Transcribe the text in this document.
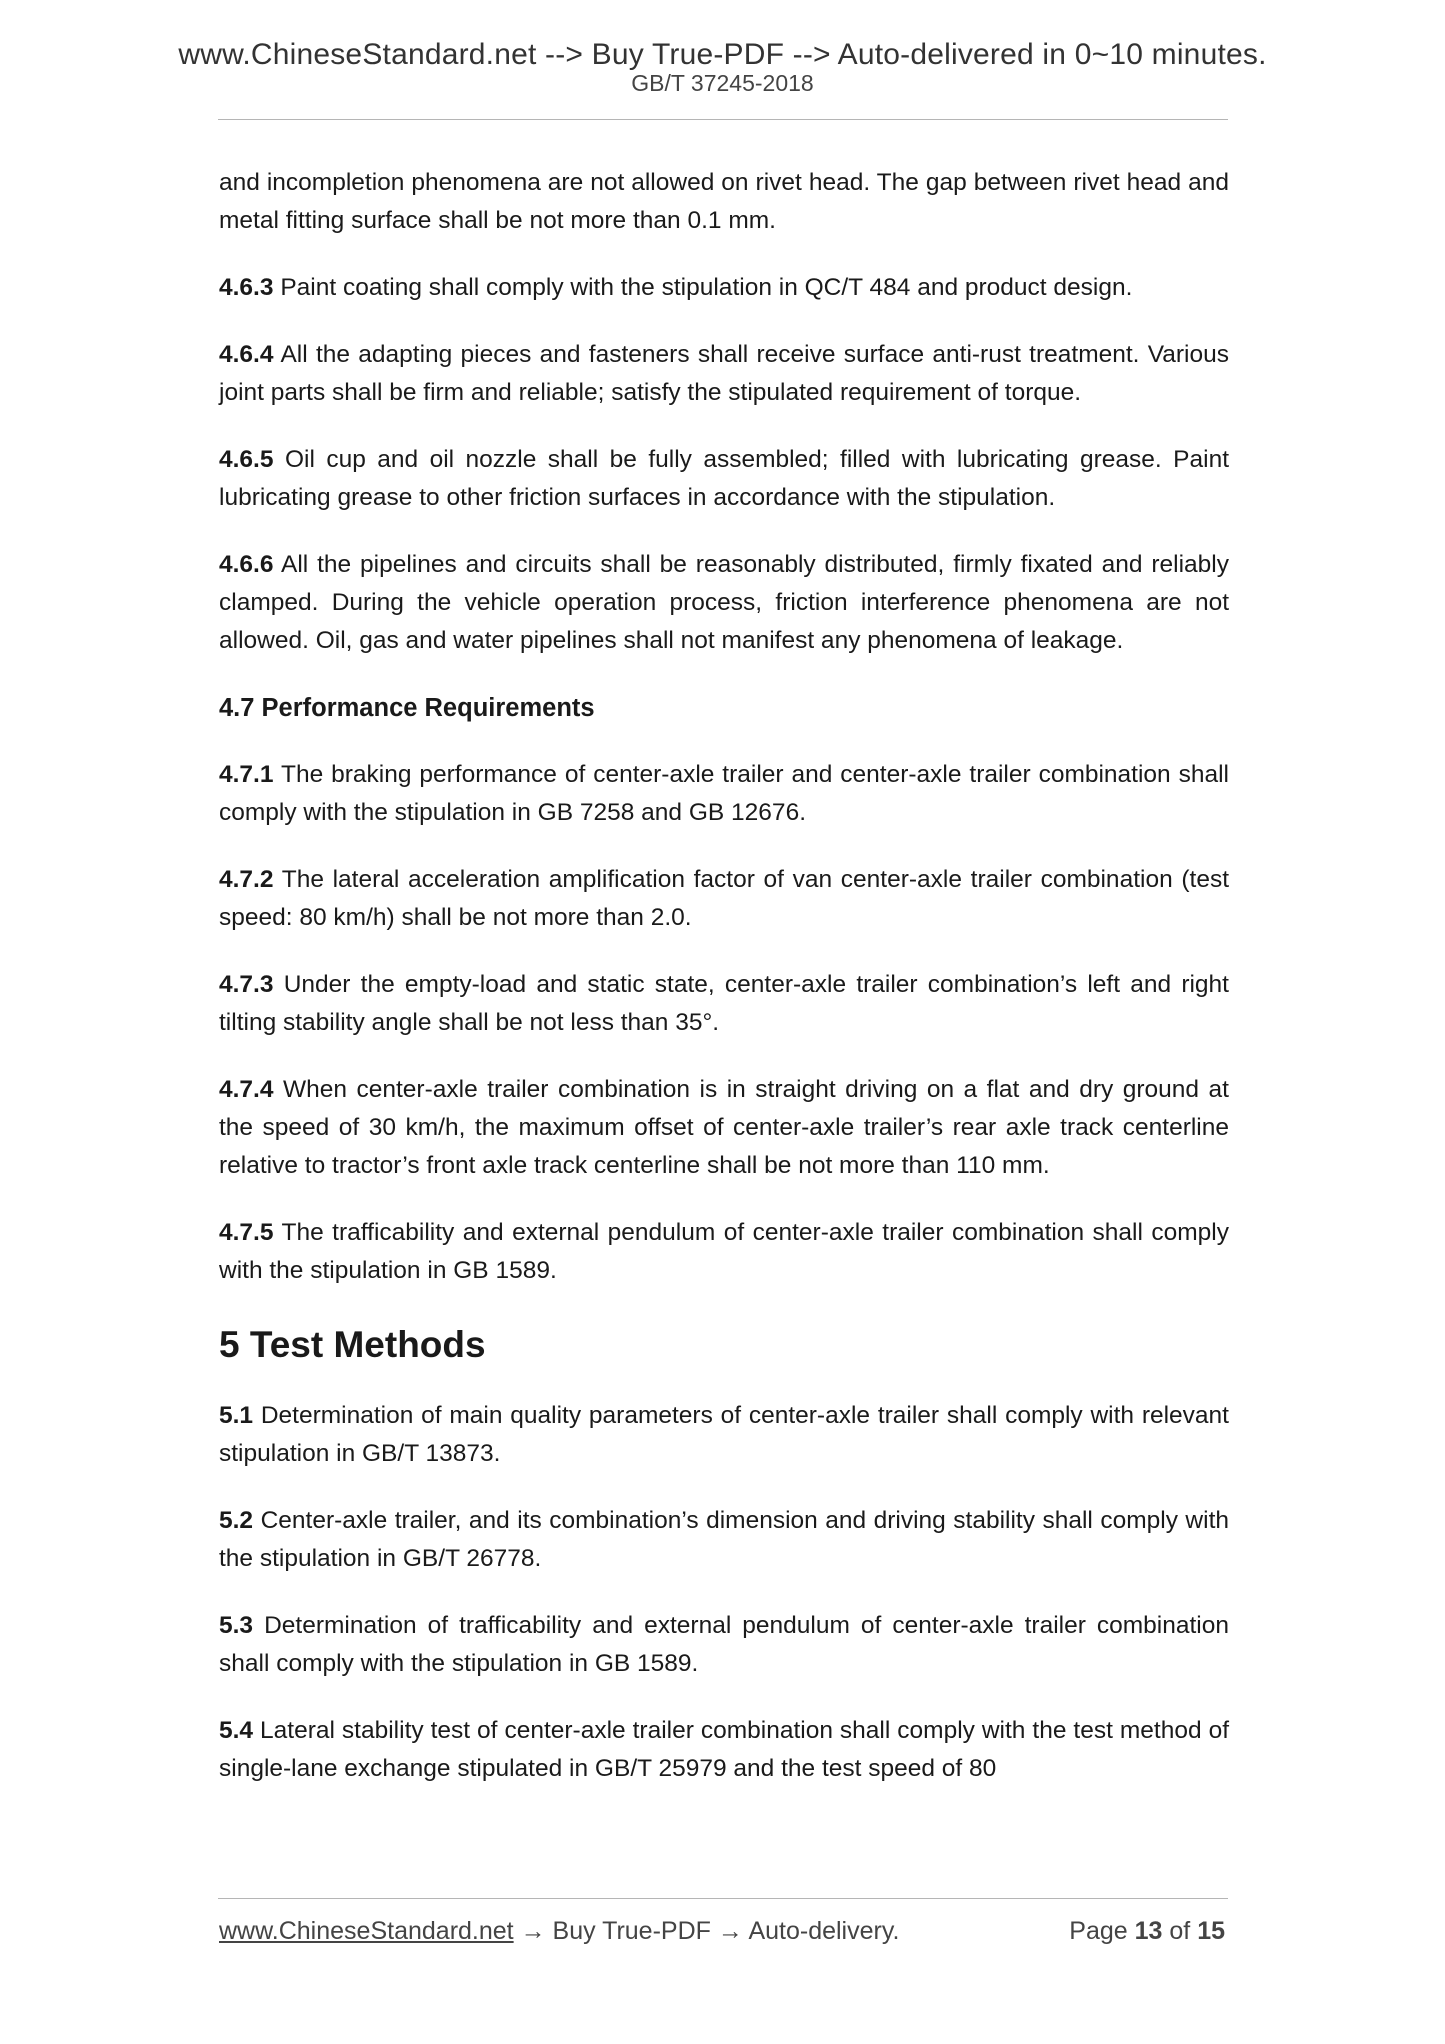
www.ChineseStandard.net --> Buy True-PDF --> Auto-delivered in 0~10 minutes.
GB/T 37245-2018

and incompletion phenomena are not allowed on rivet head. The gap between rivet head and metal fitting surface shall be not more than 0.1 mm.

4.6.3 Paint coating shall comply with the stipulation in QC/T 484 and product design.

4.6.4 All the adapting pieces and fasteners shall receive surface anti-rust treatment. Various joint parts shall be firm and reliable; satisfy the stipulated requirement of torque.

4.6.5 Oil cup and oil nozzle shall be fully assembled; filled with lubricating grease. Paint lubricating grease to other friction surfaces in accordance with the stipulation.

4.6.6 All the pipelines and circuits shall be reasonably distributed, firmly fixated and reliably clamped. During the vehicle operation process, friction interference phenomena are not allowed. Oil, gas and water pipelines shall not manifest any phenomena of leakage.

4.7 Performance Requirements

4.7.1 The braking performance of center-axle trailer and center-axle trailer combination shall comply with the stipulation in GB 7258 and GB 12676.

4.7.2 The lateral acceleration amplification factor of van center-axle trailer combination (test speed: 80 km/h) shall be not more than 2.0.

4.7.3 Under the empty-load and static state, center-axle trailer combination’s left and right tilting stability angle shall be not less than 35°.

4.7.4 When center-axle trailer combination is in straight driving on a flat and dry ground at the speed of 30 km/h, the maximum offset of center-axle trailer’s rear axle track centerline relative to tractor’s front axle track centerline shall be not more than 110 mm.

4.7.5 The trafficability and external pendulum of center-axle trailer combination shall comply with the stipulation in GB 1589.

5 Test Methods

5.1 Determination of main quality parameters of center-axle trailer shall comply with relevant stipulation in GB/T 13873.

5.2 Center-axle trailer, and its combination’s dimension and driving stability shall comply with the stipulation in GB/T 26778.

5.3 Determination of trafficability and external pendulum of center-axle trailer combination shall comply with the stipulation in GB 1589.

5.4 Lateral stability test of center-axle trailer combination shall comply with the test method of single-lane exchange stipulated in GB/T 25979 and the test speed of 80

www.ChineseStandard.net → Buy True-PDF → Auto-delivery.	Page 13 of 15
